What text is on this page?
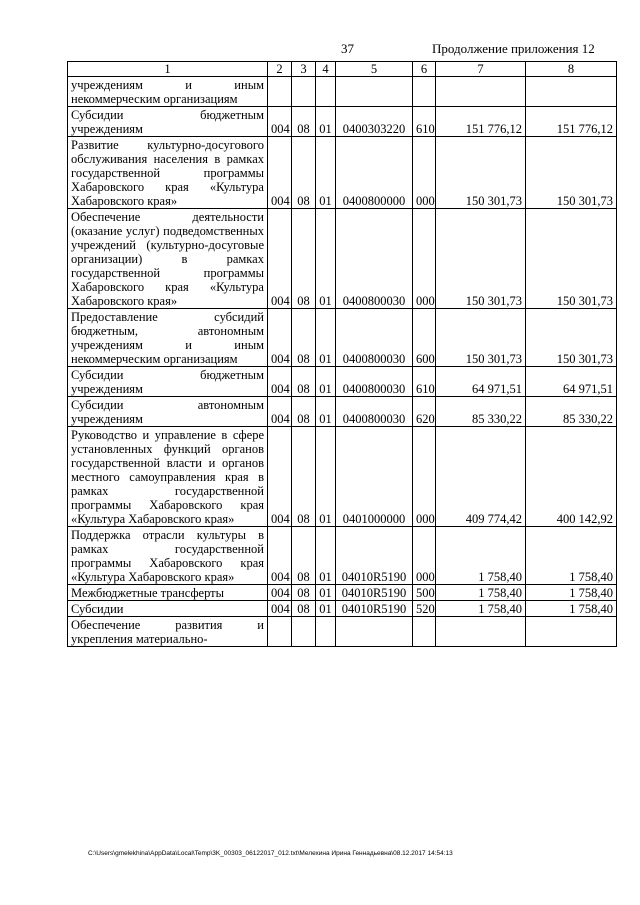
37	Продолжение приложения 12
1	2	3	4	5	6	7	8
учреждениям и иным некоммерческим организациям							
Субсидии бюджетным учреждениям	004	08	01	0400303220	610	151 776,12	151 776,12
Развитие культурно-досугового обслуживания населения в рамках государственной программы Хабаровского края «Культура Хабаровского края»	004	08	01	0400800000	000	150 301,73	150 301,73
Обеспечение деятельности (оказание услуг) подведомственных учреждений (культурно-досуговые организации) в рамках государственной программы Хабаровского края «Культура Хабаровского края»	004	08	01	0400800030	000	150 301,73	150 301,73
Предоставление субсидий бюджетным, автономным учреждениям и иным некоммерческим организациям	004	08	01	0400800030	600	150 301,73	150 301,73
Субсидии бюджетным учреждениям	004	08	01	0400800030	610	64 971,51	64 971,51
Субсидии автономным учреждениям	004	08	01	0400800030	620	85 330,22	85 330,22
Руководство и управление в сфере установленных функций органов государственной власти и органов местного самоуправления края в рамках государственной программы Хабаровского края «Культура Хабаровского края»	004	08	01	0401000000	000	409 774,42	400 142,92
Поддержка отрасли культуры в рамках государственной программы Хабаровского края «Культура Хабаровского края»	004	08	01	04010R5190	000	1 758,40	1 758,40
Межбюджетные трансферты	004	08	01	04010R5190	500	1 758,40	1 758,40
Субсидии	004	08	01	04010R5190	520	1 758,40	1 758,40
Обеспечение развития и укрепления материально-							
C:\Users\gmelekhina\AppData\Local\Temp\3K_00303_06122017_012.txt\Мелехина Ирина Геннадьевна\08.12.2017 14:54:13
